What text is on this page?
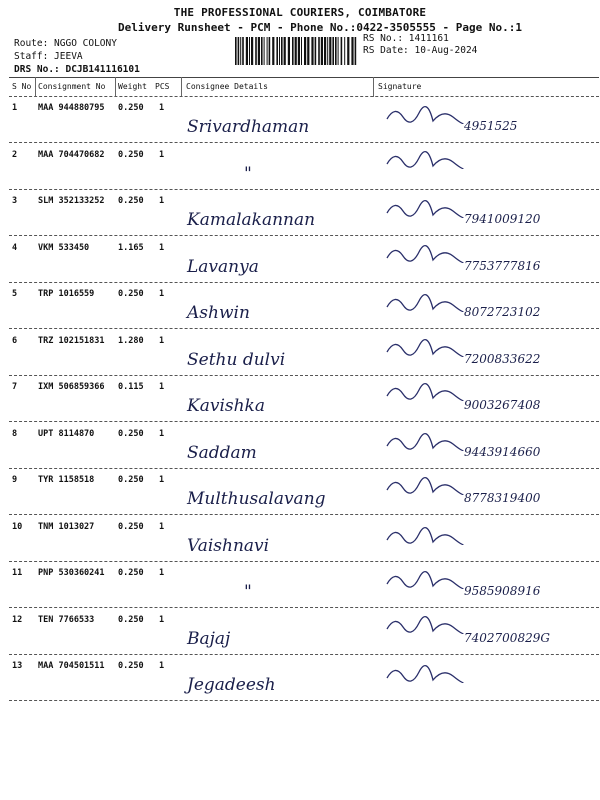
THE PROFESSIONAL COURIERS, COIMBATORE
Delivery Runsheet - PCM - Phone No.:0422-3505555 - Page No.:1
Route: NGGO COLONY
Staff: JEEVA
DRS No.: DCJB141116101
RS No.: 1411161
RS Date: 10-Aug-2024
S No Consignment No Weight PCS Consignee Details	Signature
1 MAA 944880795 0.250 1
Srivardhaman	4951525
2 MAA 704470682 0.250 1
"
3 SLM 352133252 0.250 1
Kamalakannan	7941009120
4 VKM 533450	1.165 1
Lavanya	7753777816
5 TRP 1016559	0.250 1
Ashwin	8072723102
6 TRZ 102151831 1.280 1
Sethu dulvi	7200833622
7 IXM 506859366 0.115 1
Kavishka	9003267408
8 UPT 8114870	0.250 1
Saddam	9443914660
9 TYR 1158518	0.250 1
Multhusalavang	8778319400
10 TNM 1013027	0.250 1
Vaishnavi
11 PNP 530360241 0.250 1
"	9585908916
12 TEN 7766533	0.250 1
Bajaj	7402700829G
13 MAA 704501511 0.250 1
Jegadeesh
